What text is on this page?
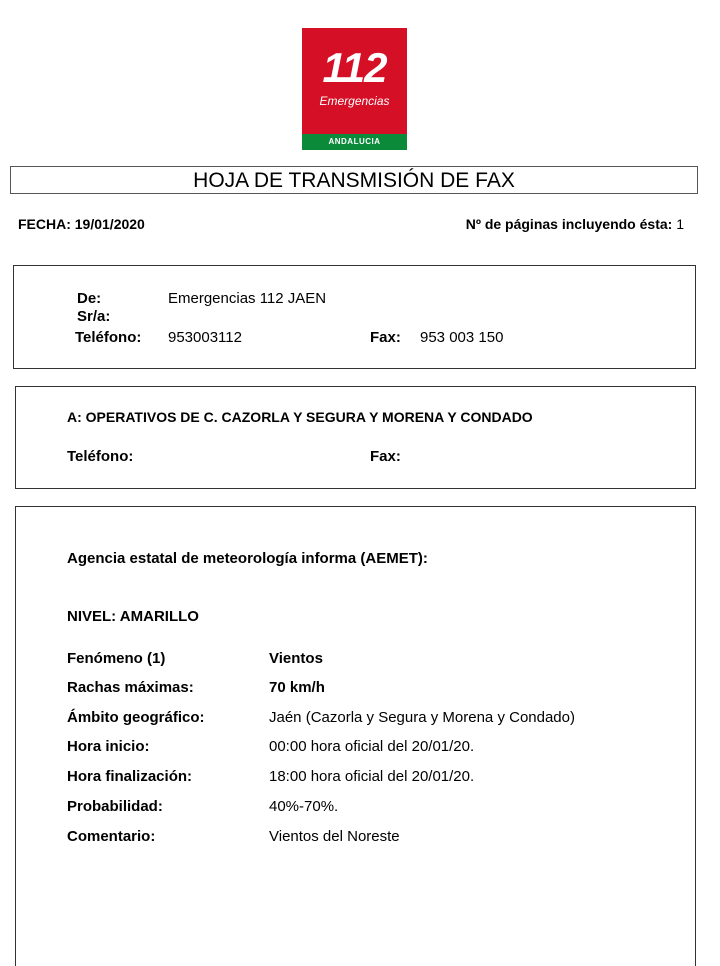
112
Emergencias
ANDALUCIA
HOJA DE TRANSMISIÓN DE FAX
FECHA: 19/01/2020	Nº de páginas incluyendo ésta: 1
De:	Emergencias 112 JAEN
Sr/a:
Teléfono: 953003112	Fax: 953 003 150
A: OPERATIVOS DE C. CAZORLA Y SEGURA Y MORENA Y CONDADO
Teléfono:	Fax:
Agencia estatal de meteorología informa (AEMET):
NIVEL: AMARILLO
Fenómeno (1)	Vientos
Rachas máximas:	70 km/h
Ámbito geográfico:	Jaén (Cazorla y Segura y Morena y Condado)
Hora inicio:	00:00 hora oficial del 20/01/20.
Hora finalización:	18:00 hora oficial del 20/01/20.
Probabilidad:	40%-70%.
Comentario:	Vientos del Noreste
